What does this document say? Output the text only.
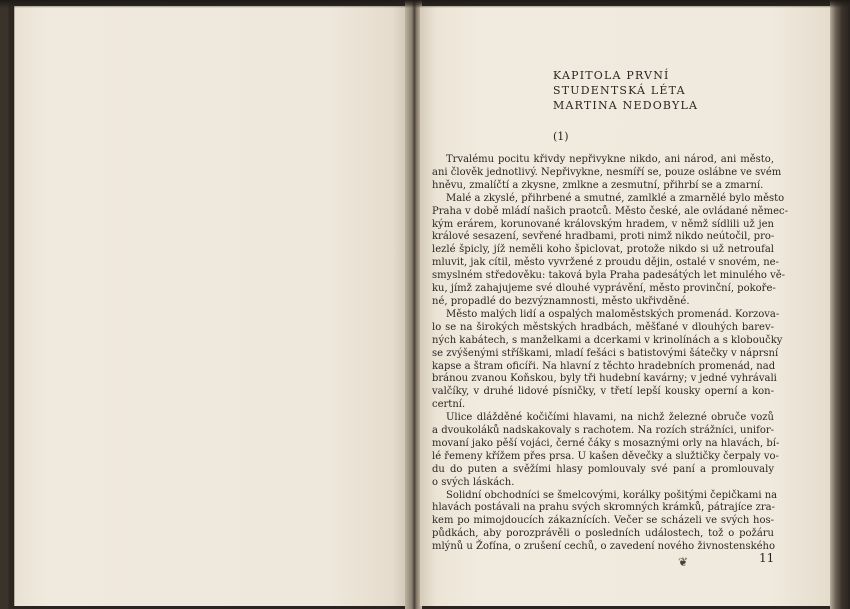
KAPITOLA PRVNÍ
STUDENTSKÁ LÉTA
MARTINA NEDOBYLA
(1)

Trvalému pocitu křivdy nepřivykne nikdo, ani národ, ani město,
ani člověk jednotlivý. Nepřivykne, nesmíří se, pouze oslábne ve svém
hněvu, zmalíčtí a zkysne, zmlkne a zesmutní, přihrbí se a zmarní.

Malé a zkyslé, přihrbené a smutné, zamlklé a zmarnělé bylo město
Praha v době mládí našich praotců. Město české, ale ovládané němec-
kým erárem, korunované královským hradem, v němž sídlili už jen
králové sesazení, sevřené hradbami, proti nimž nikdo neútočil, pro-
lezlé špicly, jíž neměli koho špiclovat, protože nikdo si už netroufal
mluvit, jak cítil, město vyvržené z proudu dějin, ostalé v snovém, ne-
smyslném středověku: taková byla Praha padesátých let minulého vě-
ku, jímž zahajujeme své dlouhé vyprávění, město provinční, pokoře-
né, propadlé do bezvýznamnosti, město ukřivděné.

Město malých lidí a ospalých maloměstských promenád. Korzova-
lo se na širokých městských hradbách, měšťané v dlouhých barev-
ných kabátech, s manželkami a dcerkami v krinolínách a s kloboučky
se zvýšenými stříškami, mladí fešáci s batistovými šátečky v náprsní
kapse a štram oficíři. Na hlavní z těchto hradebních promenád, nad
bránou zvanou Koňskou, byly tři hudební kavárny; v jedné vyhrávali
valčíky, v druhé lidové písničky, v třetí lepší kousky operní a kon-
certní.

Ulice dlážděné kočičími hlavami, na nichž železné obruče vozů
a dvoukoláků nadskakovaly s rachotem. Na rozích strážníci, unifor-
movaní jako pěší vojáci, černé čáky s mosaznými orly na hlavách, bí-
lé řemeny křížem přes prsa. U kašen děvečky a služtičky čerpaly vo-
du do puten a svěžími hlasy pomlouvaly své paní a promlouvaly
o svých láskách.

Solidní obchodníci se šmelcovými, korálky pošitými čepičkami na
hlavách postávali na prahu svých skromných krámků, pátrajíce zra-
kem po mimojdoucích zákaznících. Večer se scházeli ve svých hos-
půdkách, aby porozprávěli o posledních událostech, tož o požáru
mlýnů u Žofína, o zrušení cechů, o zavedení nového živnostenského

❦	11
